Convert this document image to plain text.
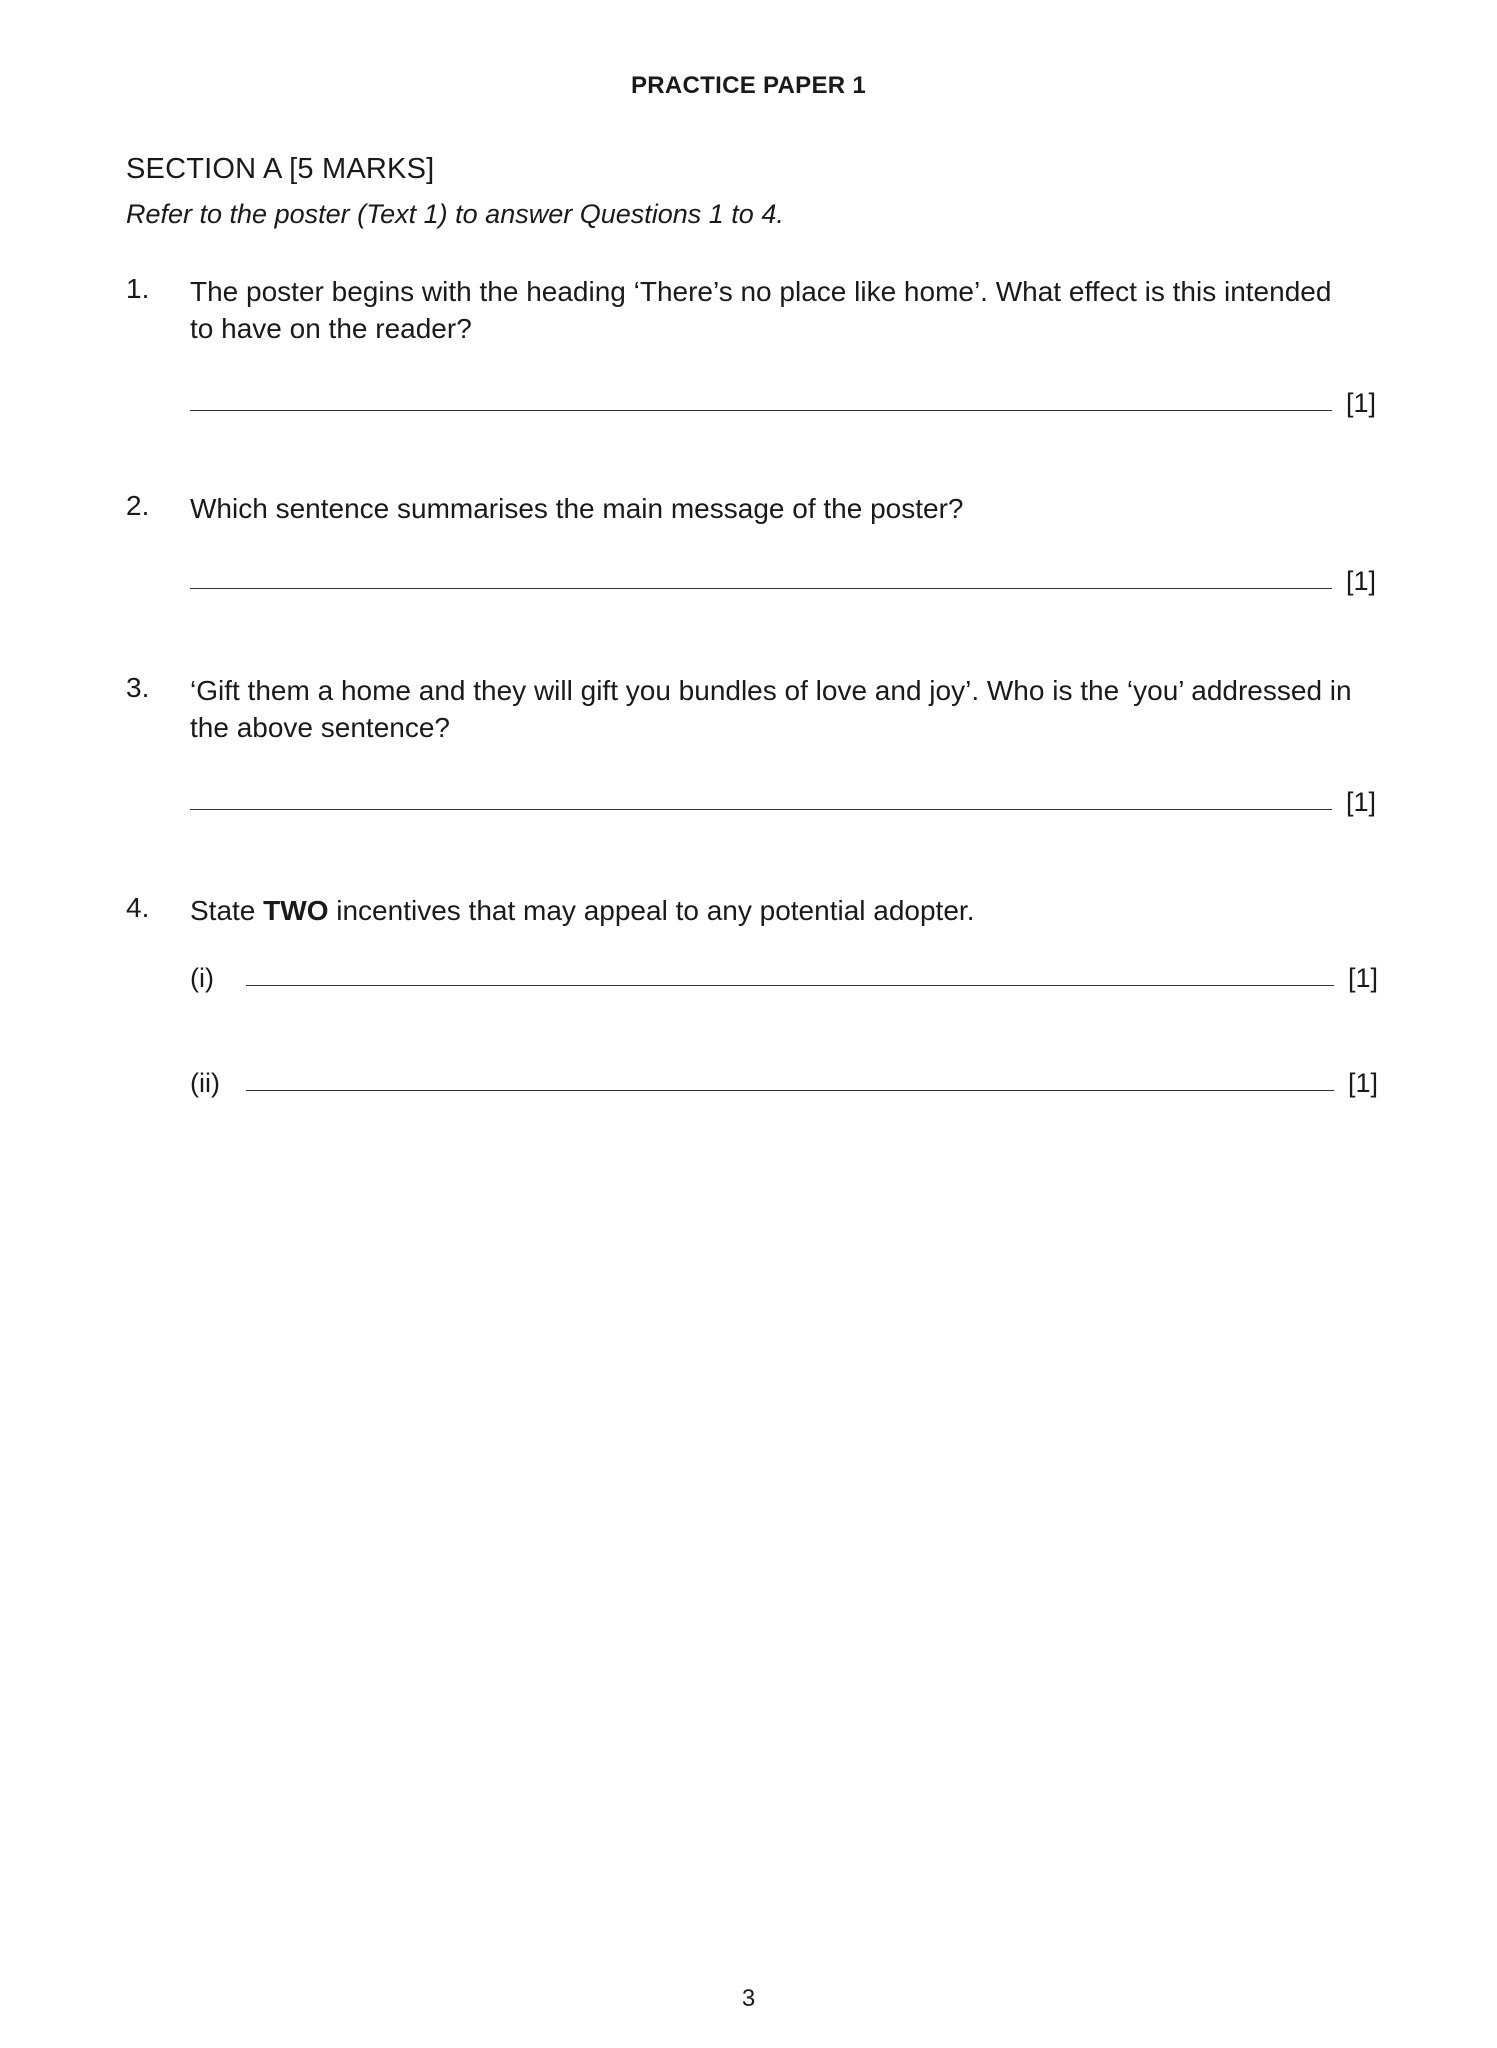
PRACTICE PAPER 1
SECTION A [5 MARKS]
Refer to the poster (Text 1) to answer Questions 1 to 4.
1. The poster begins with the heading ‘There’s no place like home’. What effect is this intended to have on the reader?
[1]
2. Which sentence summarises the main message of the poster?
[1]
3. ‘Gift them a home and they will gift you bundles of love and joy’. Who is the ‘you’ addressed in the above sentence?
[1]
4. State TWO incentives that may appeal to any potential adopter.
(i)	[1]
(ii)	[1]
3
